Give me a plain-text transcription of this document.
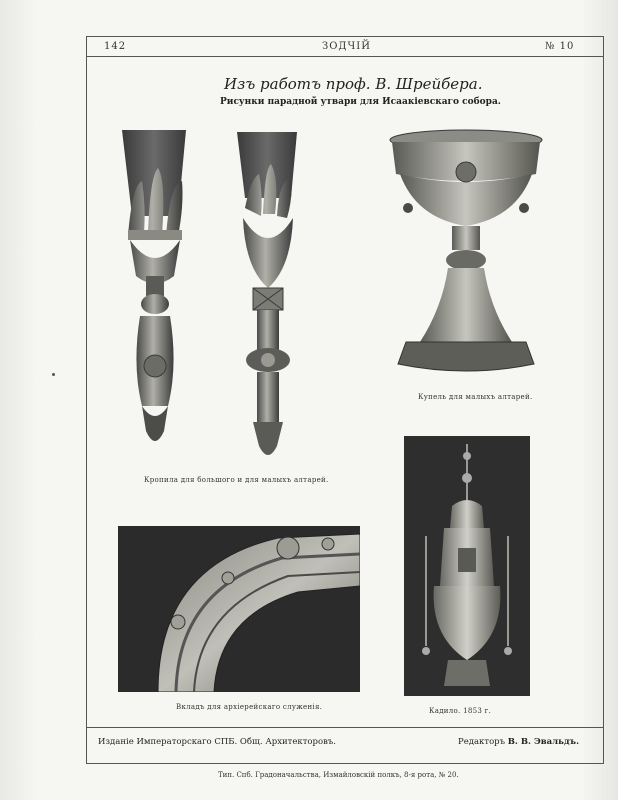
142	ЗОДЧІЙ	№ 10
Изъ работъ проф. В. Шрейбера.
Рисунки парадной утвари для Исаакіевскаго собора.
Кропила для большого и для малыхъ алтарей.
Купель для малыхъ алтарей.
Вкладъ для архіерейскаго служенія.	Кадило. 1853 г.
Изданіе Императорскаго СПБ. Общ. Архитекторовъ.	Редакторъ В. В. Эвальдъ.
Тип. Спб. Градоначальства, Измайловскій полкъ, 8-я рота, № 20.
